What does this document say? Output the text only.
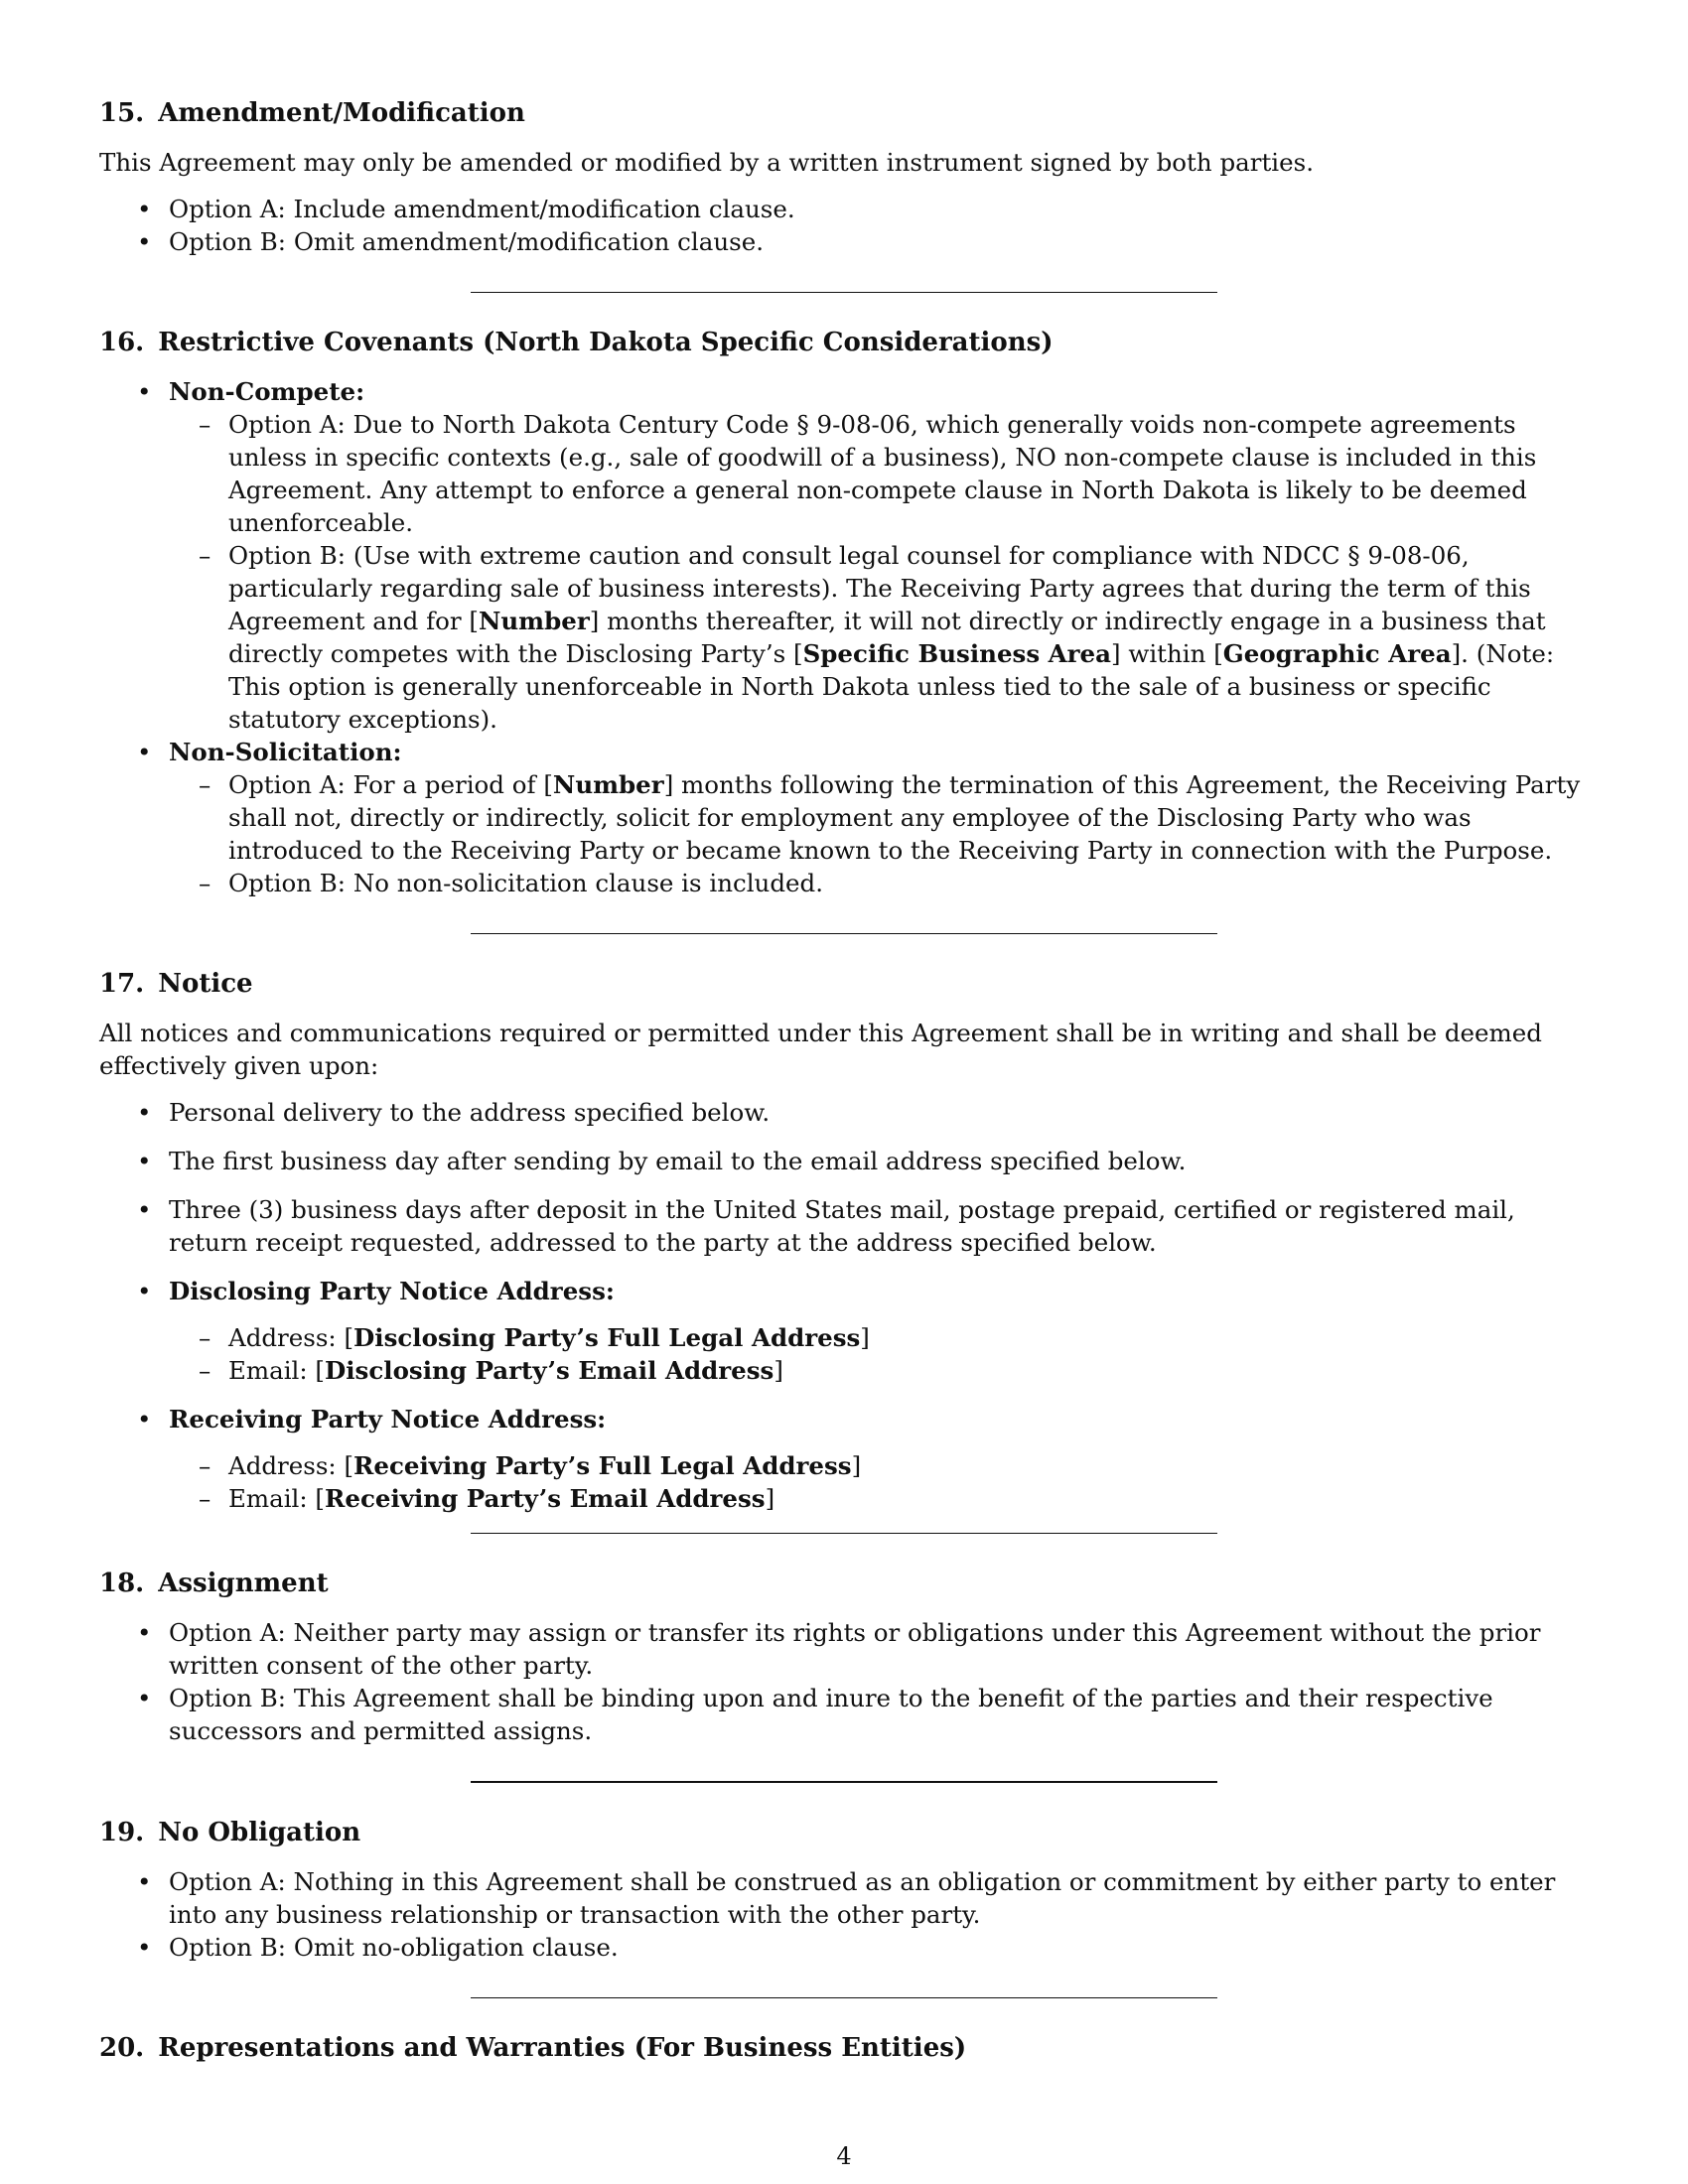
15. Amendment/Modification

This Agreement may only be amended or modified by a written instrument signed by both parties.

• Option A: Include amendment/modification clause.
• Option B: Omit amendment/modification clause.
16. Restrictive Covenants (North Dakota Specific Considerations)
• Non-Compete:
– Option A: Due to North Dakota Century Code § 9-08-06, which generally voids non-compete agreements unless in specific contexts (e.g., sale of goodwill of a business), NO non-compete clause is included in this Agreement. Any attempt to enforce a general non-compete clause in North Dakota is likely to be deemed unenforceable.
– Option B: (Use with extreme caution and consult legal counsel for compliance with NDCC § 9-08-06, particularly regarding sale of business interests). The Receiving Party agrees that during the term of this Agreement and for [Number] months thereafter, it will not directly or indirectly engage in a business that directly competes with the Disclosing Party’s [Specific Business Area] within [Geographic Area]. (Note: This option is generally unenforceable in North Dakota unless tied to the sale of a business or specific statutory exceptions).
• Non-Solicitation:
– Option A: For a period of [Number] months following the termination of this Agreement, the Receiving Party shall not, directly or indirectly, solicit for employment any employee of the Disclosing Party who was introduced to the Receiving Party or became known to the Receiving Party in connection with the Purpose.
– Option B: No non-solicitation clause is included.
17. Notice

All notices and communications required or permitted under this Agreement shall be in writing and shall be deemed effectively given upon:

• Personal delivery to the address specified below.
• The first business day after sending by email to the email address specified below.
• Three (3) business days after deposit in the United States mail, postage prepaid, certified or registered mail, return receipt requested, addressed to the party at the address specified below.
• Disclosing Party Notice Address:
– Address: [Disclosing Party’s Full Legal Address]
– Email: [Disclosing Party’s Email Address]
• Receiving Party Notice Address:
– Address: [Receiving Party’s Full Legal Address]
– Email: [Receiving Party’s Email Address]
18. Assignment
• Option A: Neither party may assign or transfer its rights or obligations under this Agreement without the prior written consent of the other party.
• Option B: This Agreement shall be binding upon and inure to the benefit of the parties and their respective successors and permitted assigns.
19. No Obligation
• Option A: Nothing in this Agreement shall be construed as an obligation or commitment by either party to enter into any business relationship or transaction with the other party.
• Option B: Omit no-obligation clause.
20. Representations and Warranties (For Business Entities)
4
